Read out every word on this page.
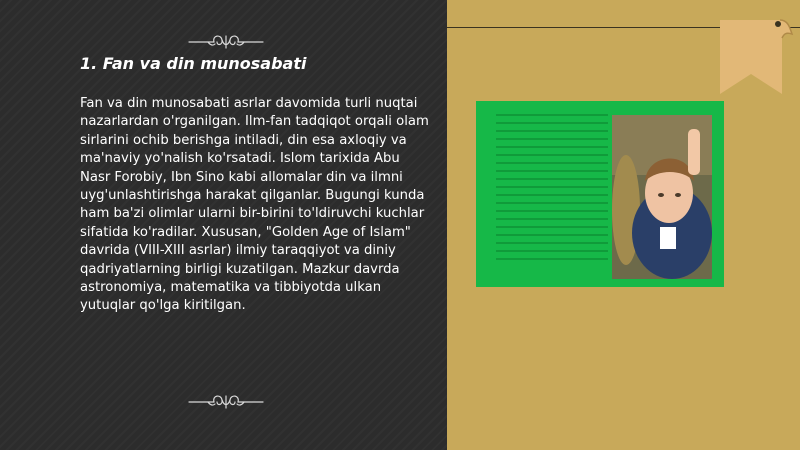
1. Fan va din munosabati

Fan va din munosabati asrlar davomida turli nuqtai nazarlardan o'rganilgan. Ilm-fan tadqiqot orqali olam sirlarini ochib berishga intiladi, din esa axloqiy va ma'naviy yo'nalish ko'rsatadi. Islom tarixida Abu Nasr Forobiy, Ibn Sino kabi allomalar din va ilmni uyg'unlashtirishga harakat qilganlar. Bugungi kunda ham ba'zi olimlar ularni bir-birini to'ldiruvchi kuchlar sifatida ko'radilar. Xususan, "Golden Age of Islam" davrida (VIII-XIII asrlar) ilmiy taraqqiyot va diniy qadriyatlarning birligi kuzatilgan. Mazkur davrda astronomiya, matematika va tibbiyotda ulkan yutuqlar qo'lga kiritilgan.
